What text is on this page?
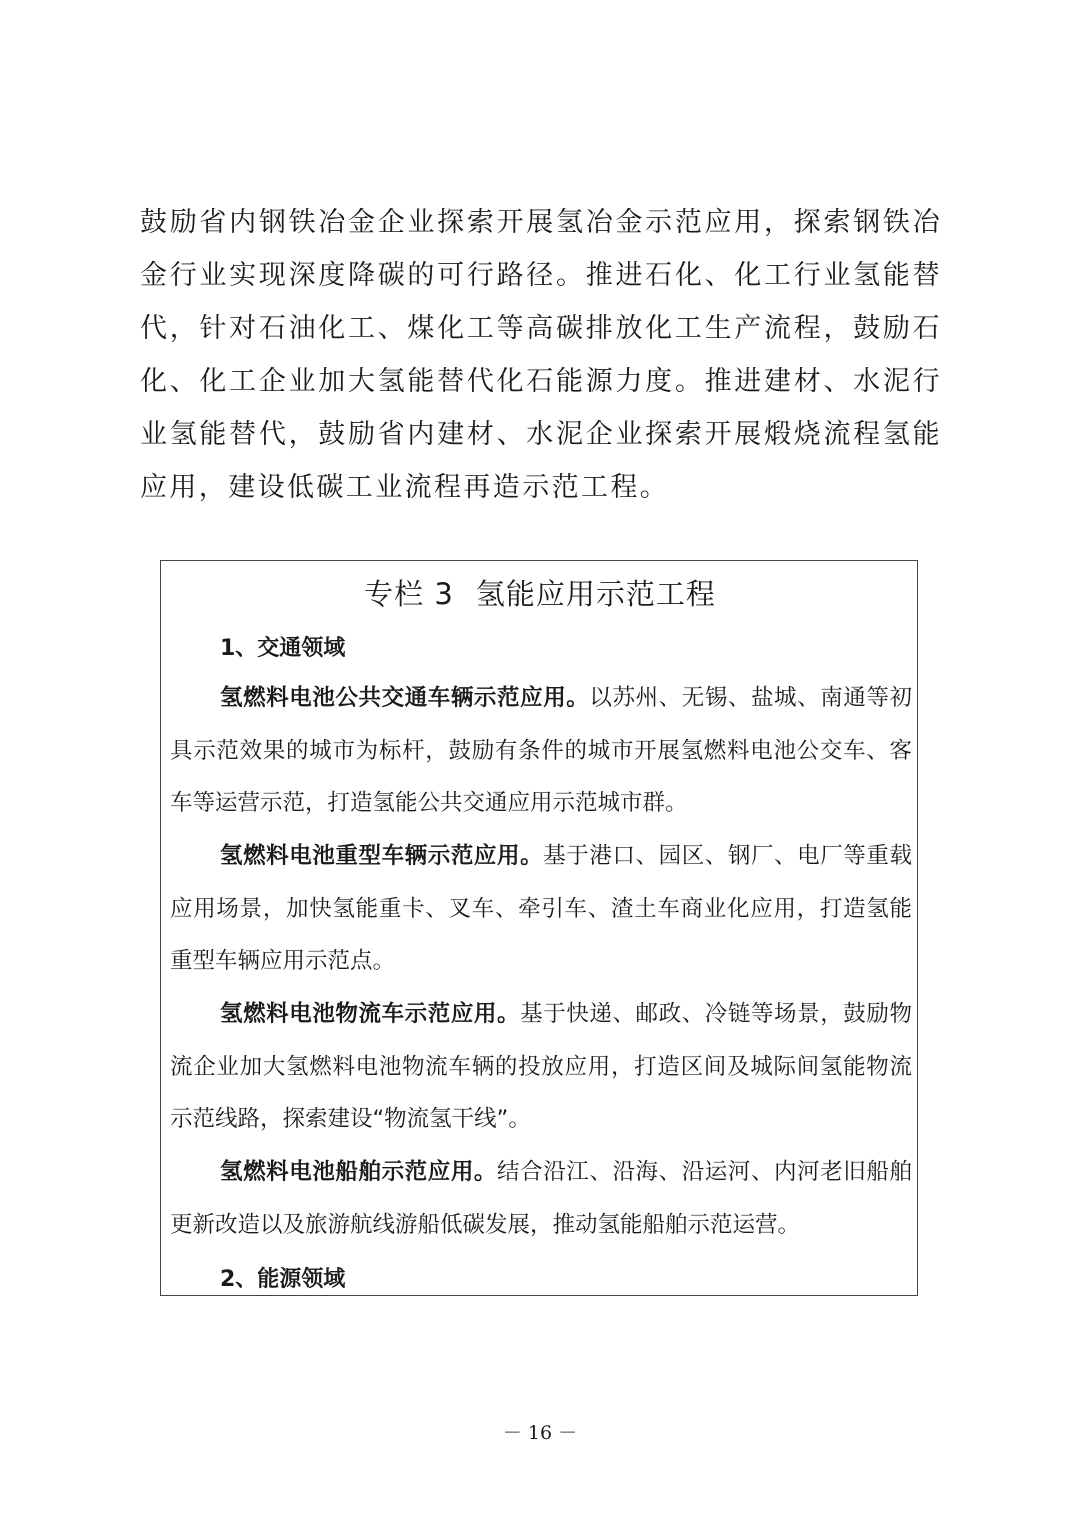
鼓励省内钢铁冶金企业探索开展氢冶金示范应用，探索钢铁冶金行业实现深度降碳的可行路径。推进石化、化工行业氢能替代，针对石油化工、煤化工等高碳排放化工生产流程，鼓励石化、化工企业加大氢能替代化石能源力度。推进建材、水泥行业氢能替代，鼓励省内建材、水泥企业探索开展煅烧流程氢能应用，建设低碳工业流程再造示范工程。

专栏 3 氢能应用示范工程
1、交通领域

氢燃料电池公共交通车辆示范应用。以苏州、无锡、盐城、南通等初具示范效果的城市为标杆，鼓励有条件的城市开展氢燃料电池公交车、客车等运营示范，打造氢能公共交通应用示范城市群。

氢燃料电池重型车辆示范应用。基于港口、园区、钢厂、电厂等重载应用场景，加快氢能重卡、叉车、牵引车、渣土车商业化应用，打造氢能重型车辆应用示范点。

氢燃料电池物流车示范应用。基于快递、邮政、冷链等场景，鼓励物流企业加大氢燃料电池物流车辆的投放应用，打造区间及城际间氢能物流示范线路，探索建设“物流氢干线”。

氢燃料电池船舶示范应用。结合沿江、沿海、沿运河、内河老旧船舶更新改造以及旅游航线游船低碳发展，推动氢能船舶示范运营。

2、能源领域
－ 16 －
